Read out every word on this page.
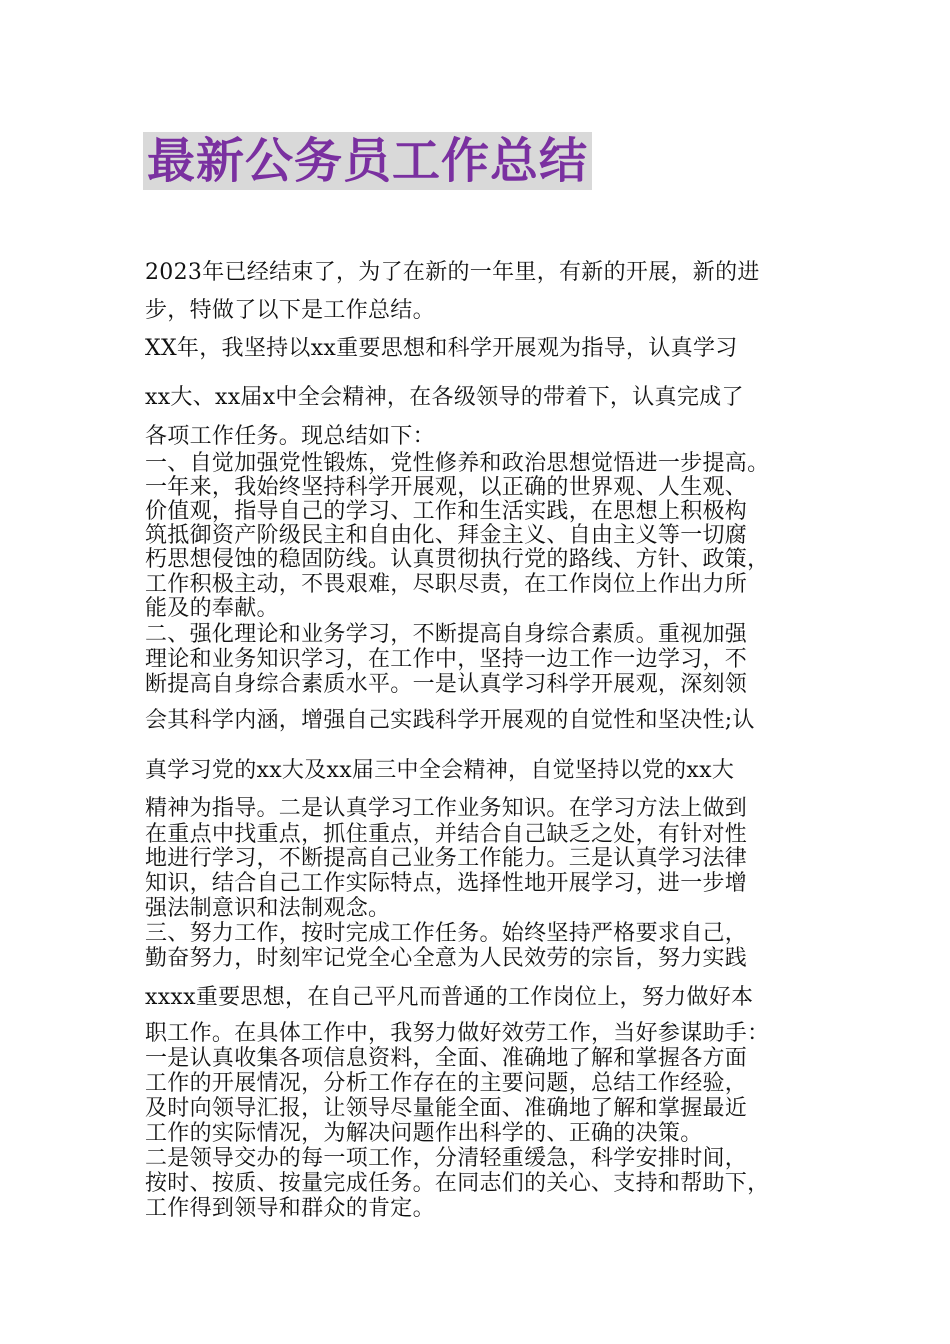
最新公务员工作总结
2023年已经结束了，为了在新的一年里，有新的开展，新的进
步，特做了以下是工作总结。
XX年，我坚持以xx重要思想和科学开展观为指导，认真学习
xx大、xx届x中全会精神，在各级领导的带着下，认真完成了
各项工作任务。现总结如下：
一、自觉加强党性锻炼，党性修养和政治思想觉悟进一步提高。
一年来，我始终坚持科学开展观，以正确的世界观、人生观、
价值观，指导自己的学习、工作和生活实践，在思想上积极构
筑抵御资产阶级民主和自由化、拜金主义、自由主义等一切腐
朽思想侵蚀的稳固防线。认真贯彻执行党的路线、方针、政策，
工作积极主动，不畏艰难，尽职尽责，在工作岗位上作出力所
能及的奉献。
二、强化理论和业务学习，不断提高自身综合素质。重视加强
理论和业务知识学习，在工作中，坚持一边工作一边学习，不
断提高自身综合素质水平。一是认真学习科学开展观，深刻领
会其科学内涵，增强自己实践科学开展观的自觉性和坚决性;认
真学习党的xx大及xx届三中全会精神，自觉坚持以党的xx大
精神为指导。二是认真学习工作业务知识。在学习方法上做到
在重点中找重点，抓住重点，并结合自己缺乏之处，有针对性
地进行学习，不断提高自己业务工作能力。三是认真学习法律
知识，结合自己工作实际特点，选择性地开展学习，进一步增
强法制意识和法制观念。
三、努力工作，按时完成工作任务。始终坚持严格要求自己，
勤奋努力，时刻牢记党全心全意为人民效劳的宗旨，努力实践
xxxx重要思想，在自己平凡而普通的工作岗位上，努力做好本
职工作。在具体工作中，我努力做好效劳工作，当好参谋助手：
一是认真收集各项信息资料，全面、准确地了解和掌握各方面
工作的开展情况，分析工作存在的主要问题，总结工作经验，
及时向领导汇报，让领导尽量能全面、准确地了解和掌握最近
工作的实际情况，为解决问题作出科学的、正确的决策。
二是领导交办的每一项工作，分清轻重缓急，科学安排时间，
按时、按质、按量完成任务。在同志们的关心、支持和帮助下，
工作得到领导和群众的肯定。
